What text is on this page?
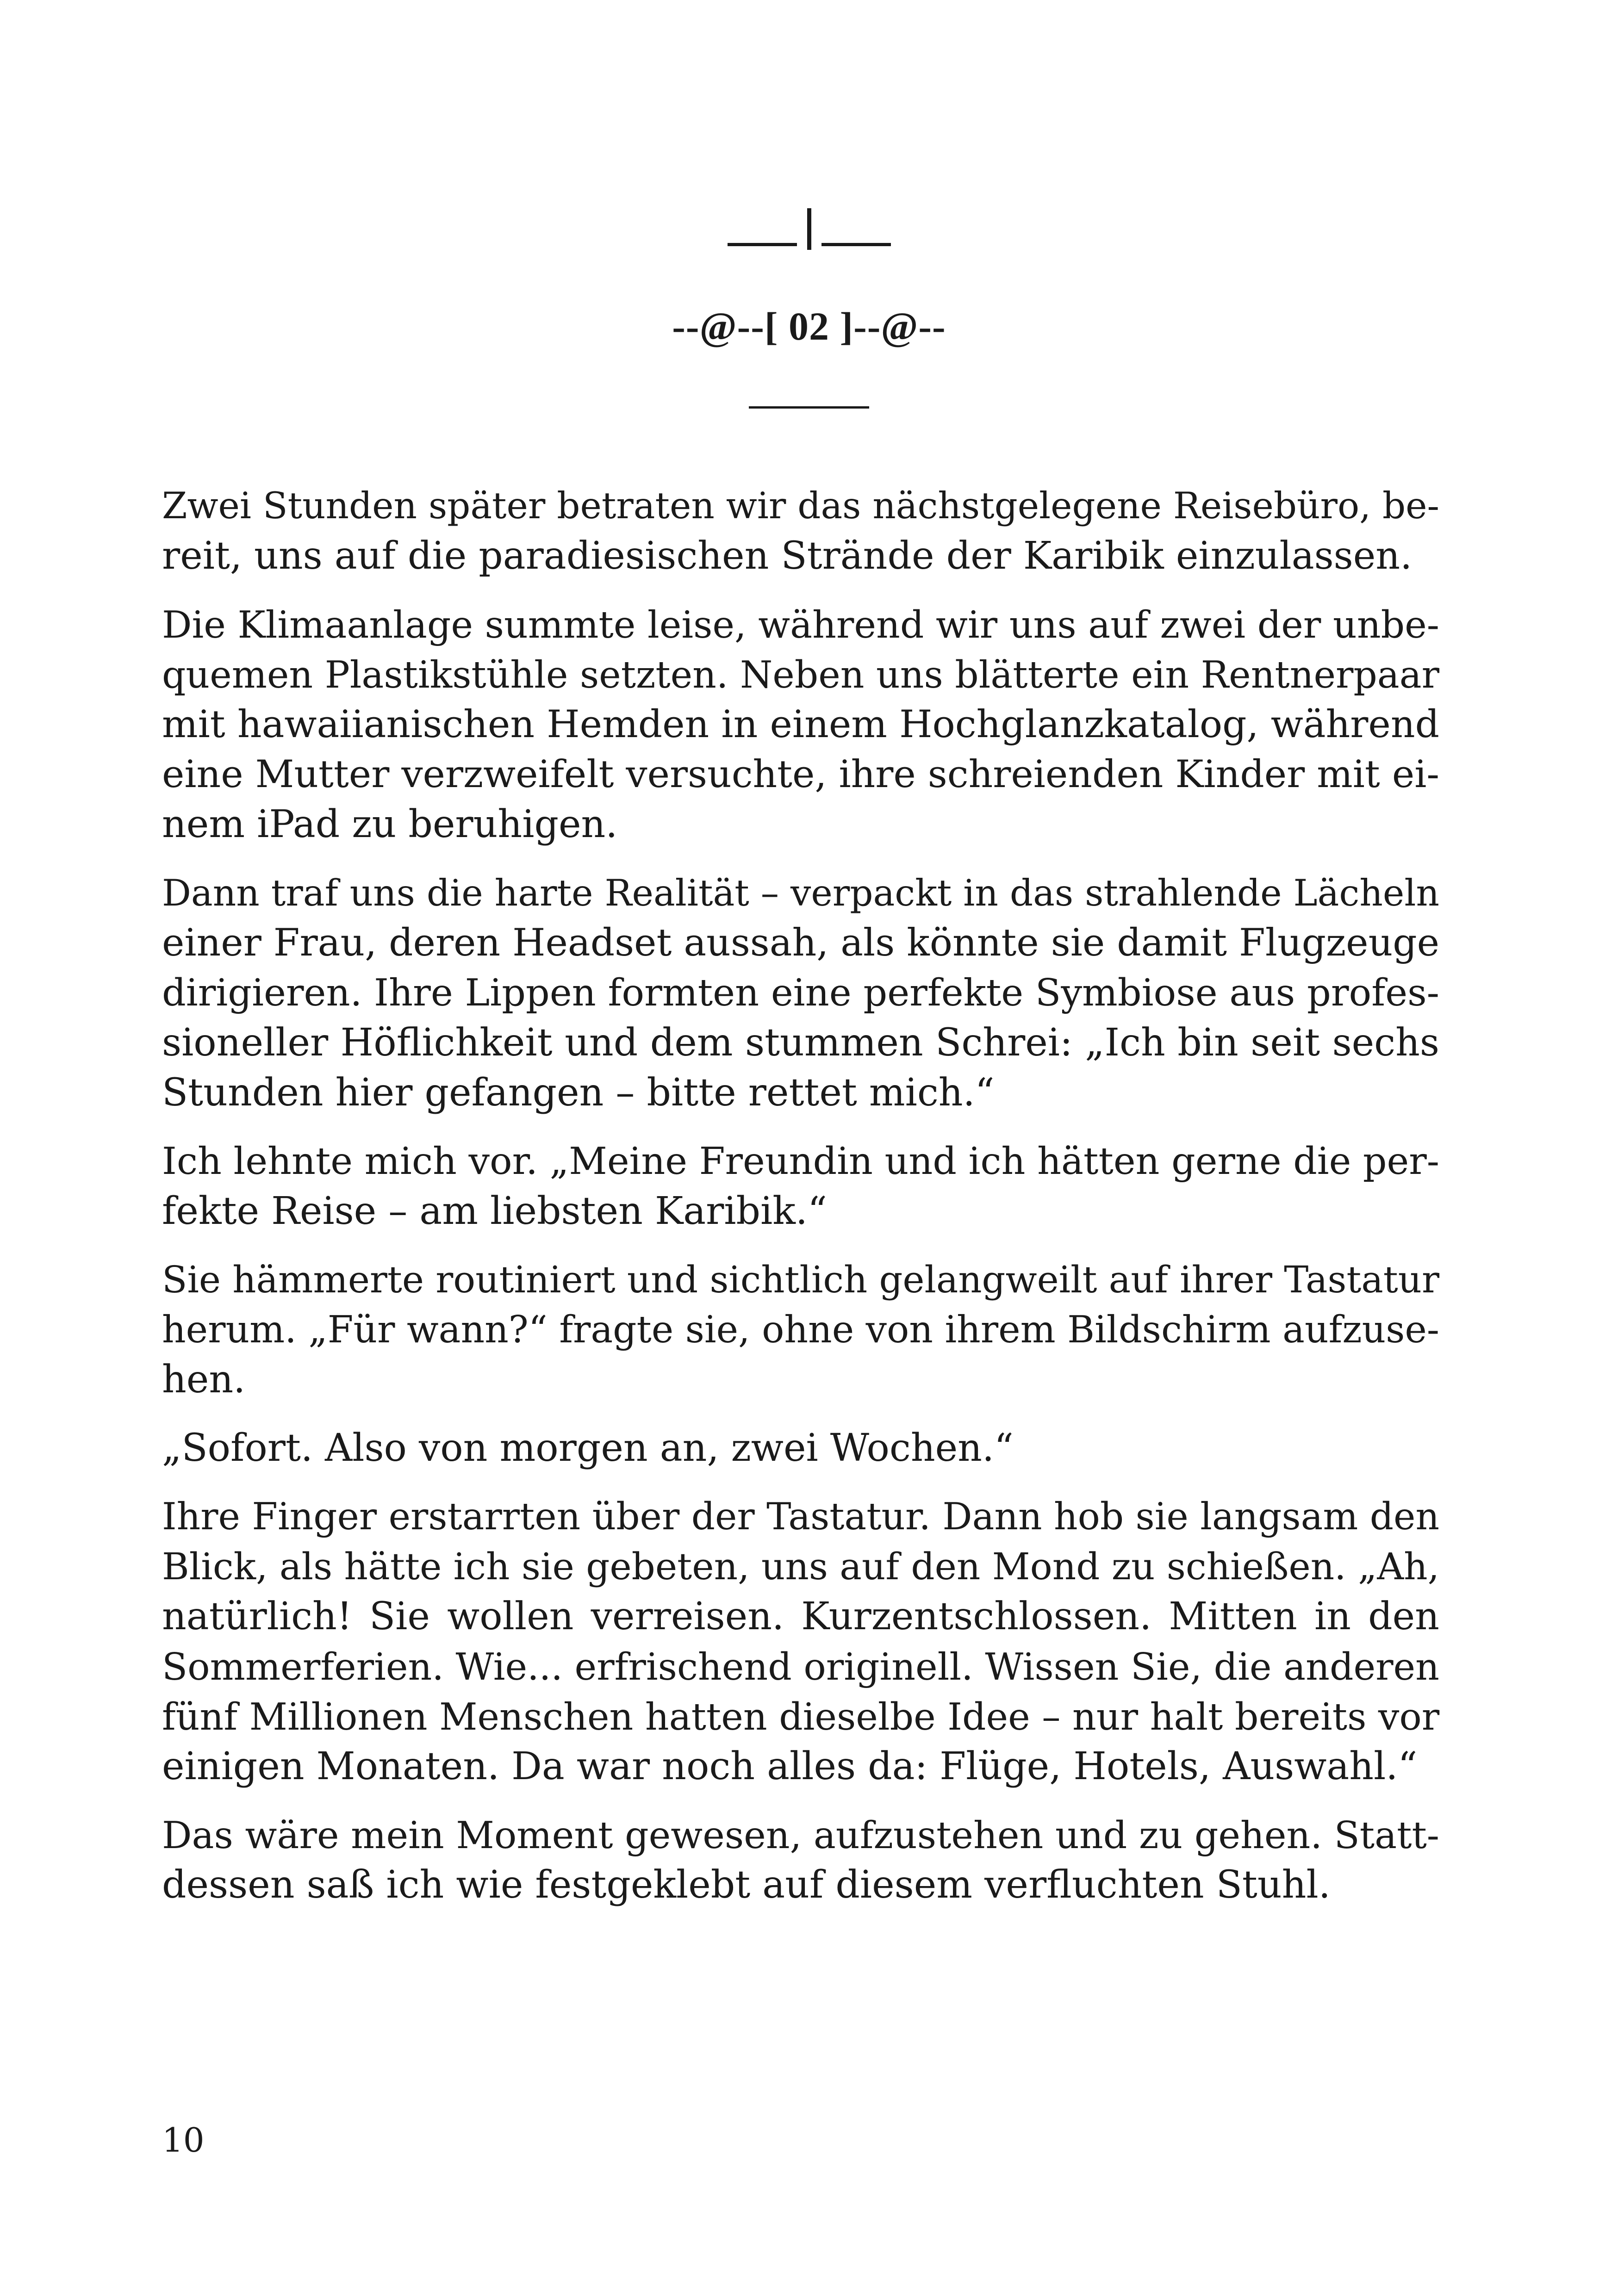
--@--[ 02 ]--@--

Zwei Stunden später betraten wir das nächstgelegene Reisebüro, be-
reit, uns auf die paradiesischen Strände der Karibik einzulassen.

Die Klimaanlage summte leise, während wir uns auf zwei der unbe-
quemen Plastikstühle setzten. Neben uns blätterte ein Rentnerpaar
mit hawaiianischen Hemden in einem Hochglanzkatalog, während
eine Mutter verzweifelt versuchte, ihre schreienden Kinder mit ei-
nem iPad zu beruhigen.

Dann traf uns die harte Realität – verpackt in das strahlende Lächeln
einer Frau, deren Headset aussah, als könnte sie damit Flugzeuge
dirigieren. Ihre Lippen formten eine perfekte Symbiose aus profes-
sioneller Höflichkeit und dem stummen Schrei: „Ich bin seit sechs
Stunden hier gefangen – bitte rettet mich.“

Ich lehnte mich vor. „Meine Freundin und ich hätten gerne die per-
fekte Reise – am liebsten Karibik.“

Sie hämmerte routiniert und sichtlich gelangweilt auf ihrer Tastatur
herum. „Für wann?“ fragte sie, ohne von ihrem Bildschirm aufzuse-
hen.

„Sofort. Also von morgen an, zwei Wochen.“

Ihre Finger erstarrten über der Tastatur. Dann hob sie langsam den
Blick, als hätte ich sie gebeten, uns auf den Mond zu schießen. „Ah,
natürlich! Sie wollen verreisen. Kurzentschlossen. Mitten in den
Sommerferien. Wie... erfrischend originell. Wissen Sie, die anderen
fünf Millionen Menschen hatten dieselbe Idee – nur halt bereits vor
einigen Monaten. Da war noch alles da: Flüge, Hotels, Auswahl.“

Das wäre mein Moment gewesen, aufzustehen und zu gehen. Statt-
dessen saß ich wie festgeklebt auf diesem verfluchten Stuhl.

10
